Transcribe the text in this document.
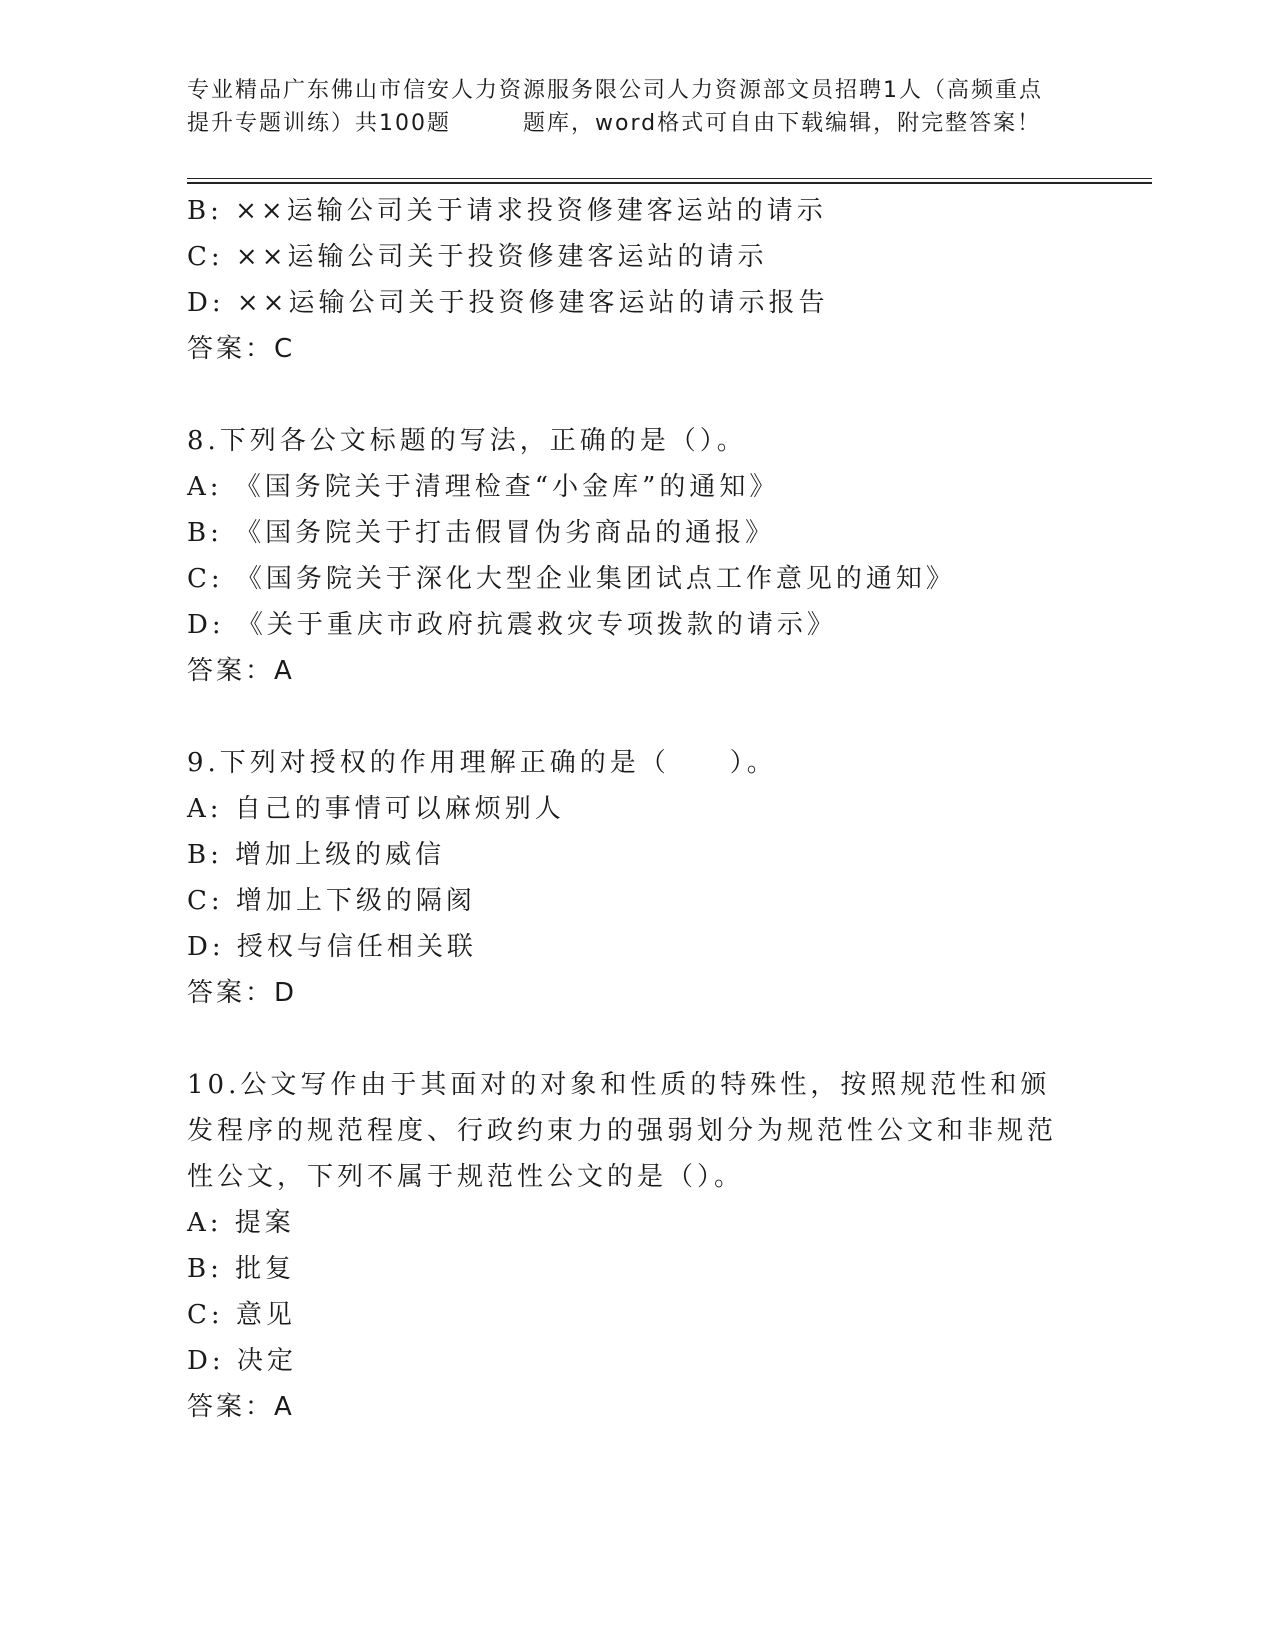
专业精品广东佛山市信安人力资源服务限公司人力资源部文员招聘1人（高频重点
提升专题训练）共100题	题库，word格式可自由下载编辑，附完整答案！
B: ××运输公司关于请求投资修建客运站的请示
C: ××运输公司关于投资修建客运站的请示
D: ××运输公司关于投资修建客运站的请示报告
答案：C
8.下列各公文标题的写法，正确的是（）。
A: 《国务院关于清理检查“小金库”的通知》
B: 《国务院关于打击假冒伪劣商品的通报》
C: 《国务院关于深化大型企业集团试点工作意见的通知》
D: 《关于重庆市政府抗震救灾专项拨款的请示》
答案：A
9.下列对授权的作用理解正确的是（　　）。
A: 自己的事情可以麻烦别人
B: 增加上级的威信
C: 增加上下级的隔阂
D: 授权与信任相关联
答案：D
10.公文写作由于其面对的对象和性质的特殊性，按照规范性和颁发程序的规范程度、行政约束力的强弱划分为规范性公文和非规范性公文，下列不属于规范性公文的是（）。
A: 提案
B: 批复
C: 意见
D: 决定
答案：A
